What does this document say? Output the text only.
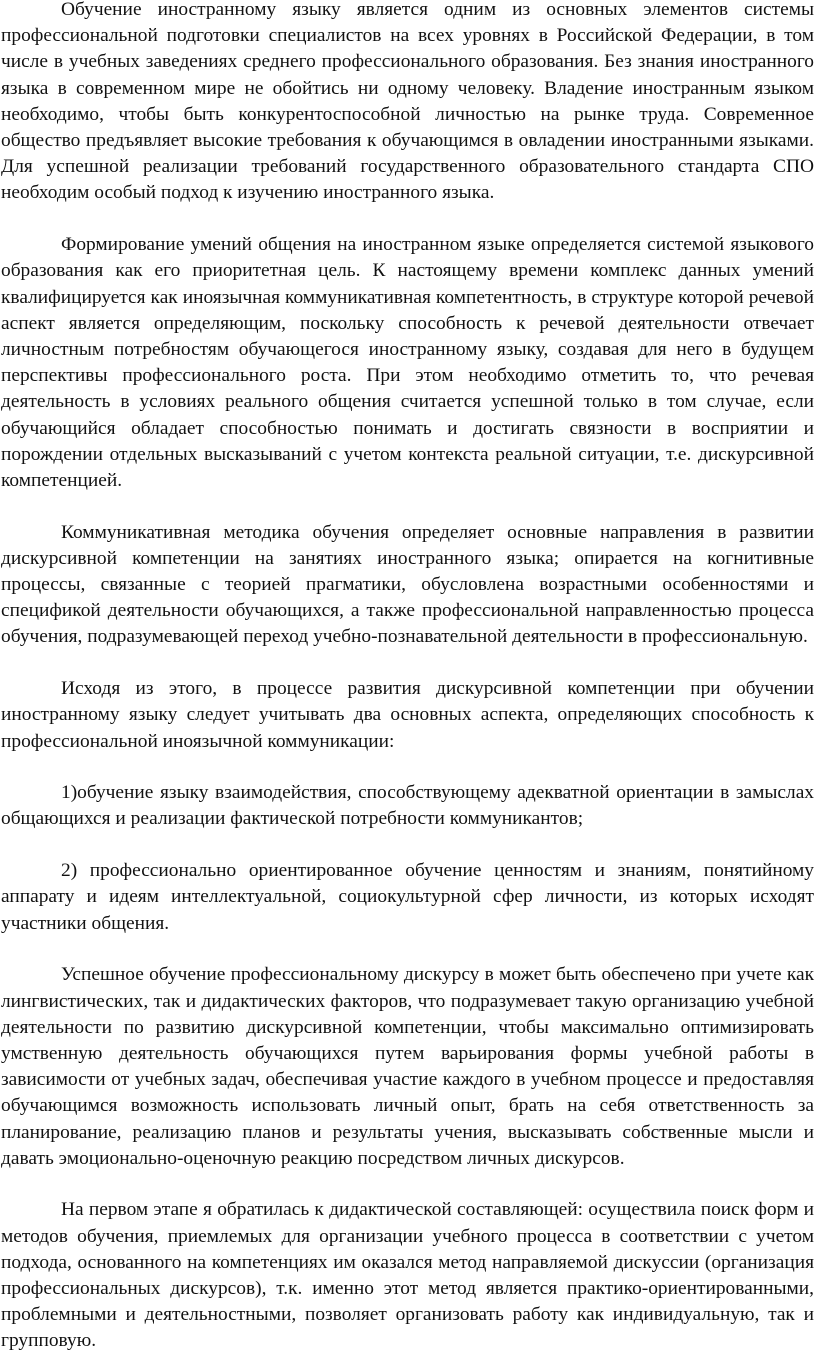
Обучение иностранному языку является одним из основных элементов системы профессиональной подготовки специалистов на всех уровнях в Российской Федерации, в том числе в учебных заведениях среднего профессионального образования. Без знания иностранного языка в современном мире не обойтись ни одному человеку. Владение иностранным языком необходимо, чтобы быть конкурентоспособной личностью на рынке труда. Современное общество предъявляет высокие требования к обучающимся в овладении иностранными языками. Для успешной реализации требований государственного образовательного стандарта СПО необходим особый подход к изучению иностранного языка.

Формирование умений общения на иностранном языке определяется системой языкового образования как его приоритетная цель. К настоящему времени комплекс данных умений квалифицируется как иноязычная коммуникативная компетентность, в структуре которой речевой аспект является определяющим, поскольку способность к речевой деятельности отвечает личностным потребностям обучающегося иностранному языку, создавая для него в будущем перспективы профессионального роста. При этом необходимо отметить то, что речевая деятельность в условиях реального общения считается успешной только в том случае, если обучающийся обладает способностью понимать и достигать связности в восприятии и порождении отдельных высказываний с учетом контекста реальной ситуации, т.е. дискурсивной компетенцией.

Коммуникативная методика обучения определяет основные направления в развитии дискурсивной компетенции на занятиях иностранного языка; опирается на когнитивные процессы, связанные с теорией прагматики, обусловлена возрастными особенностями и спецификой деятельности обучающихся, а также профессиональной направленностью процесса обучения, подразумевающей переход учебно-познавательной деятельности в профессиональную.

Исходя из этого, в процессе развития дискурсивной компетенции при обучении иностранному языку следует учитывать два основных аспекта, определяющих способность к профессиональной иноязычной коммуникации:

1)обучение языку взаимодействия, способствующему адекватной ориентации в замыслах общающихся и реализации фактической потребности коммуникантов;

2) профессионально ориентированное обучение ценностям и знаниям, понятийному аппарату и идеям интеллектуальной, социокультурной сфер личности, из которых исходят участники общения.

Успешное обучение профессиональному дискурсу в может быть обеспечено при учете как лингвистических, так и дидактических факторов, что подразумевает такую организацию учебной деятельности по развитию дискурсивной компетенции, чтобы максимально оптимизировать умственную деятельность обучающихся путем варьирования формы учебной работы в зависимости от учебных задач, обеспечивая участие каждого в учебном процессе и предоставляя обучающимся возможность использовать личный опыт, брать на себя ответственность за планирование, реализацию планов и результаты учения, высказывать собственные мысли и давать эмоционально-оценочную реакцию посредством личных дискурсов.

На первом этапе я обратилась к дидактической составляющей: осуществила поиск форм и методов обучения, приемлемых для организации учебного процесса в соответствии с учетом подхода, основанного на компетенциях им оказался метод направляемой дискуссии (организация профессиональных дискурсов), т.к. именно этот метод является практико-ориентированными, проблемными и деятельностными, позволяет организовать работу как индивидуальную, так и групповую.
